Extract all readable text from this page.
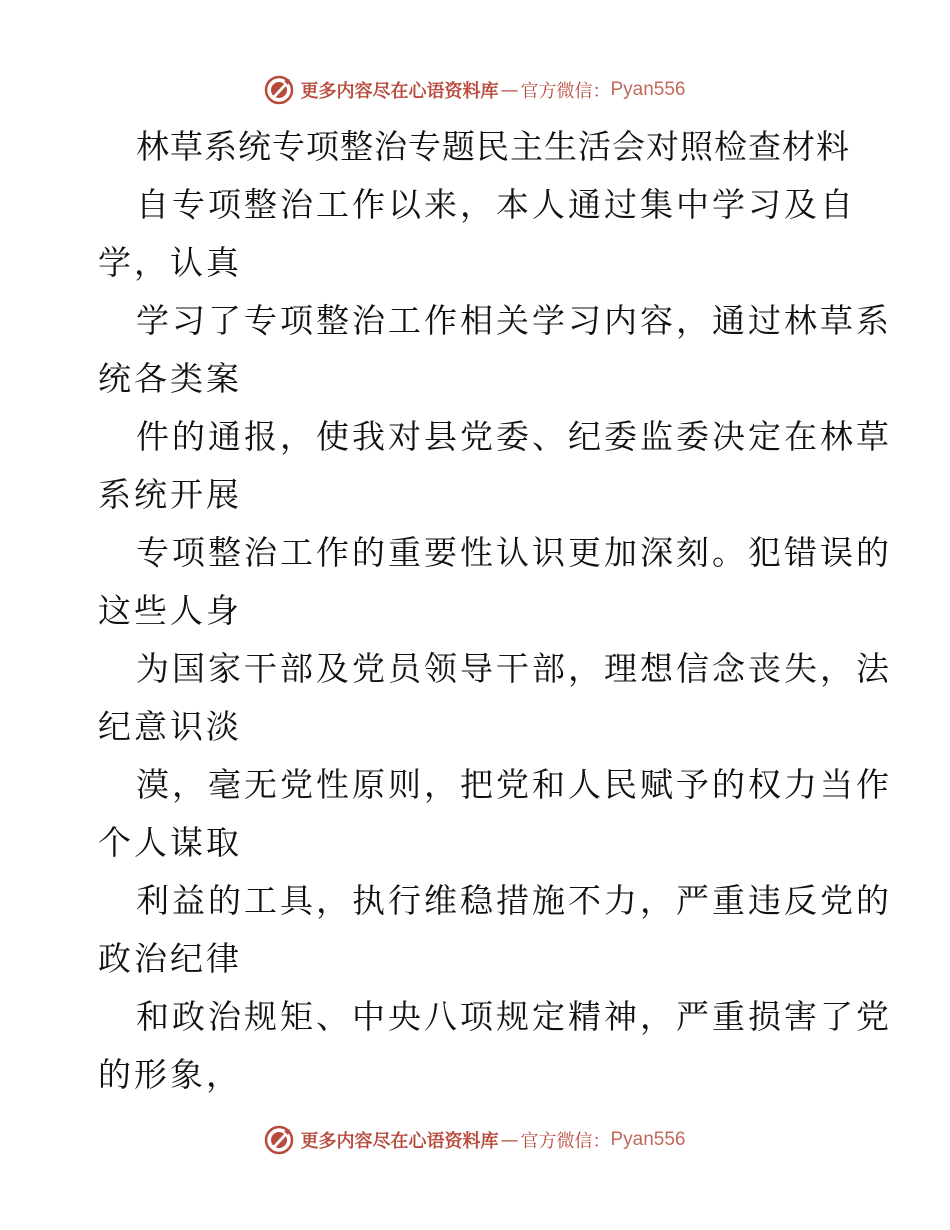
更多内容尽在心语资料库 — 官方微信： Pyan556
林草系统专项整治专题民主生活会对照检查材料
自专项整治工作以来，本人通过集中学习及自
学，认真
学习了专项整治工作相关学习内容，通过林草系
统各类案
件的通报，使我对县党委、纪委监委决定在林草
系统开展
专项整治工作的重要性认识更加深刻。犯错误的
这些人身
为国家干部及党员领导干部，理想信念丧失，法
纪意识淡
漠，毫无党性原则，把党和人民赋予的权力当作
个人谋取
利益的工具，执行维稳措施不力，严重违反党的
政治纪律
和政治规矩、中央八项规定精神，严重损害了党
的形象，
更多内容尽在心语资料库 — 官方微信： Pyan556
